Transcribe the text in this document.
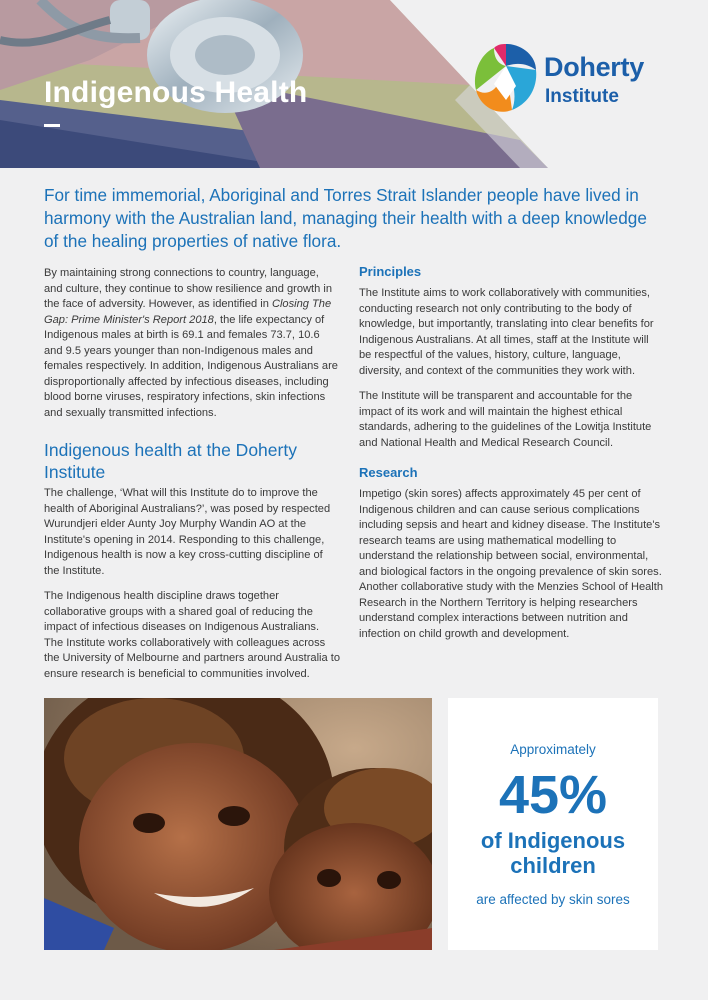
Indigenous Health
Doherty
Institute
For time immemorial, Aboriginal and Torres Strait Islander people have lived in harmony with the Australian land, managing their health with a deep knowledge of the healing properties of native flora.

By maintaining strong connections to country, language, and culture, they continue to show resilience and growth in the face of adversity. However, as identified in Closing The Gap: Prime Minister's Report 2018, the life expectancy of Indigenous males at birth is 69.1 and females 73.7, 10.6 and 9.5 years younger than non-Indigenous males and females respectively. In addition, Indigenous Australians are disproportionally affected by infectious diseases, including blood borne viruses, respiratory infections, skin infections and sexually transmitted infections.

Indigenous health at the Doherty Institute

The challenge, ‘What will this Institute do to improve the health of Aboriginal Australians?’, was posed by respected Wurundjeri elder Aunty Joy Murphy Wandin AO at the Institute's opening in 2014. Responding to this challenge, Indigenous health is now a key cross-cutting discipline of the Institute.

The Indigenous health discipline draws together collaborative groups with a shared goal of reducing the impact of infectious diseases on Indigenous Australians. The Institute works collaboratively with colleagues across the University of Melbourne and partners around Australia to ensure research is beneficial to communities involved.

Principles

The Institute aims to work collaboratively with communities, conducting research not only contributing to the body of knowledge, but importantly, translating into clear benefits for Indigenous Australians. At all times, staff at the Institute will be respectful of the values, history, culture, language, diversity, and context of the communities they work with.

The Institute will be transparent and accountable for the impact of its work and will maintain the highest ethical standards, adhering to the guidelines of the Lowitja Institute and National Health and Medical Research Council.

Research

Impetigo (skin sores) affects approximately 45 per cent of Indigenous children and can cause serious complications including sepsis and heart and kidney disease. The Institute's research teams are using mathematical modelling to understand the relationship between social, environmental, and biological factors in the ongoing prevalence of skin sores. Another collaborative study with the Menzies School of Health Research in the Northern Territory is helping researchers understand complex interactions between nutrition and infection on child growth and development.

Approximately
45%
of Indigenous children
are affected by skin sores
